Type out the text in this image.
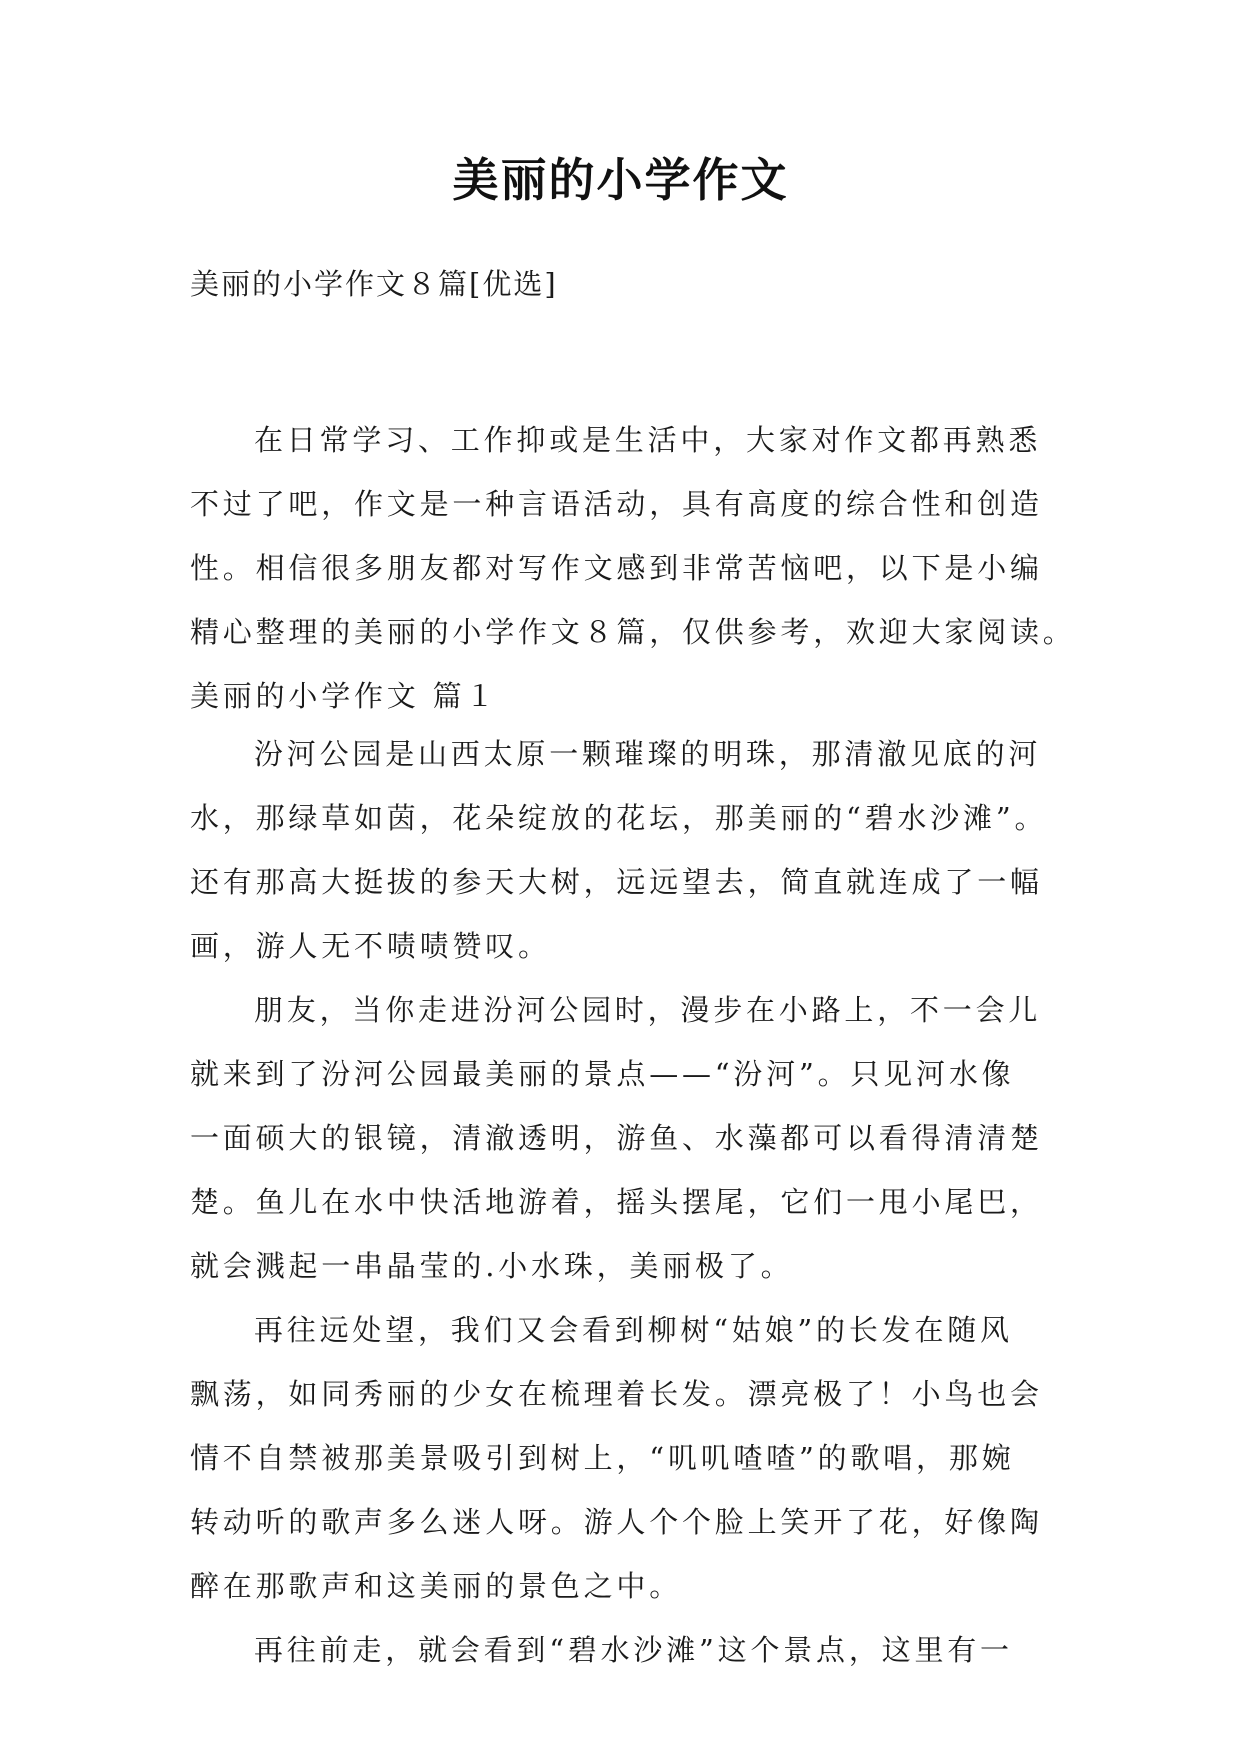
美丽的小学作文
美丽的小学作文８篇[优选]
在日常学习、工作抑或是生活中，大家对作文都再熟悉
不过了吧，作文是一种言语活动，具有高度的综合性和创造
性。相信很多朋友都对写作文感到非常苦恼吧，以下是小编
精心整理的美丽的小学作文８篇，仅供参考，欢迎大家阅读。
美丽的小学作文 篇１
汾河公园是山西太原一颗璀璨的明珠，那清澈见底的河
水，那绿草如茵，花朵绽放的花坛，那美丽的“碧水沙滩”。
还有那高大挺拔的参天大树，远远望去，简直就连成了一幅
画，游人无不啧啧赞叹。
朋友，当你走进汾河公园时，漫步在小路上，不一会儿
就来到了汾河公园最美丽的景点——“汾河”。只见河水像
一面硕大的银镜，清澈透明，游鱼、水藻都可以看得清清楚
楚。鱼儿在水中快活地游着，摇头摆尾，它们一甩小尾巴，
就会溅起一串晶莹的.小水珠，美丽极了。
再往远处望，我们又会看到柳树“姑娘”的长发在随风
飘荡，如同秀丽的少女在梳理着长发。漂亮极了！小鸟也会
情不自禁被那美景吸引到树上，“叽叽喳喳”的歌唱，那婉
转动听的歌声多么迷人呀。游人个个脸上笑开了花，好像陶
醉在那歌声和这美丽的景色之中。
再往前走，就会看到“碧水沙滩”这个景点，这里有一
